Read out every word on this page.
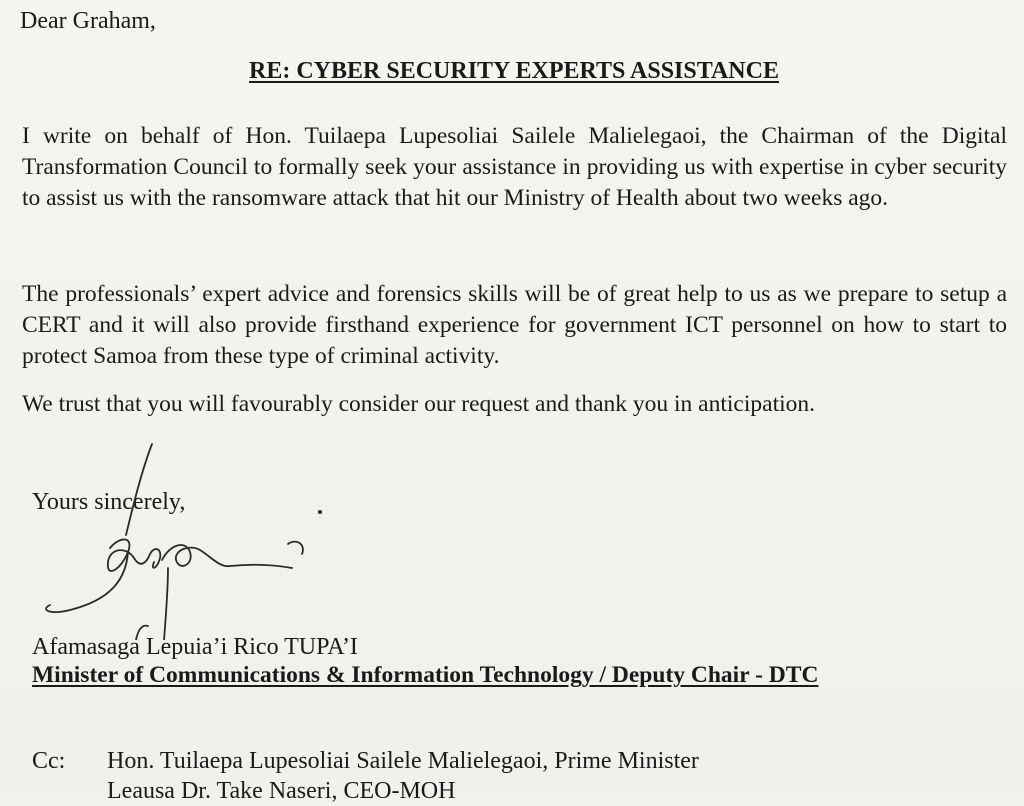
Dear Graham,

RE: CYBER SECURITY EXPERTS ASSISTANCE

I write on behalf of Hon. Tuilaepa Lupesoliai Sailele Malielegaoi, the Chairman of the Digital Transformation Council to formally seek your assistance in providing us with expertise in cyber security to assist us with the ransomware attack that hit our Ministry of Health about two weeks ago.

The professionals’ expert advice and forensics skills will be of great help to us as we prepare to setup a CERT and it will also provide firsthand experience for government ICT personnel on how to start to protect Samoa from these type of criminal activity.

We trust that you will favourably consider our request and thank you in anticipation.

Yours sincerely,

Afamasaga Lepuia’i Rico TUPA’I

Minister of Communications & Information Technology / Deputy Chair - DTC

Cc: Hon. Tuilaepa Lupesoliai Sailele Malielegaoi, Prime Minister
Leausa Dr. Take Naseri, CEO-MOH
